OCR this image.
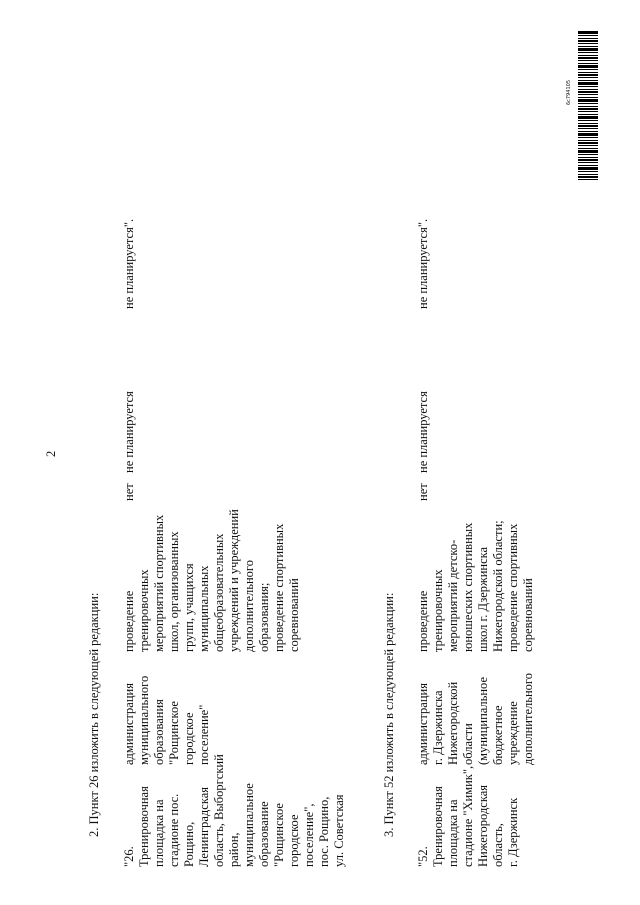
2
2. Пункт 26 изложить в следующей редакции:
"26. Тренировочная площадка на стадионе пос. Рощино, Ленинградская область, Выборгский район, муниципальное образование "Рощинское городское поселение", пос. Рощино, ул. Советская
администрация муниципального образования "Рощинское городское поселение"
проведение тренировочных мероприятий спортивных школ, организованных групп, учащихся муниципальных общеобразовательных учреждений и учреждений дополнительного образования; проведение спортивных соревнований
нет
не планируется
не планируется".
3. Пункт 52 изложить в следующей редакции:
"52. Тренировочная площадка на стадионе "Химик", Нижегородская область, г. Дзержинск
администрация г. Дзержинска Нижегородской области (муниципальное бюджетное учреждение дополнительного
проведение тренировочных мероприятий детско- юношеских спортивных школ г. Дзержинска Нижегородской области; проведение спортивных соревнований
нет
не планируется
не планируется".
6c794105
